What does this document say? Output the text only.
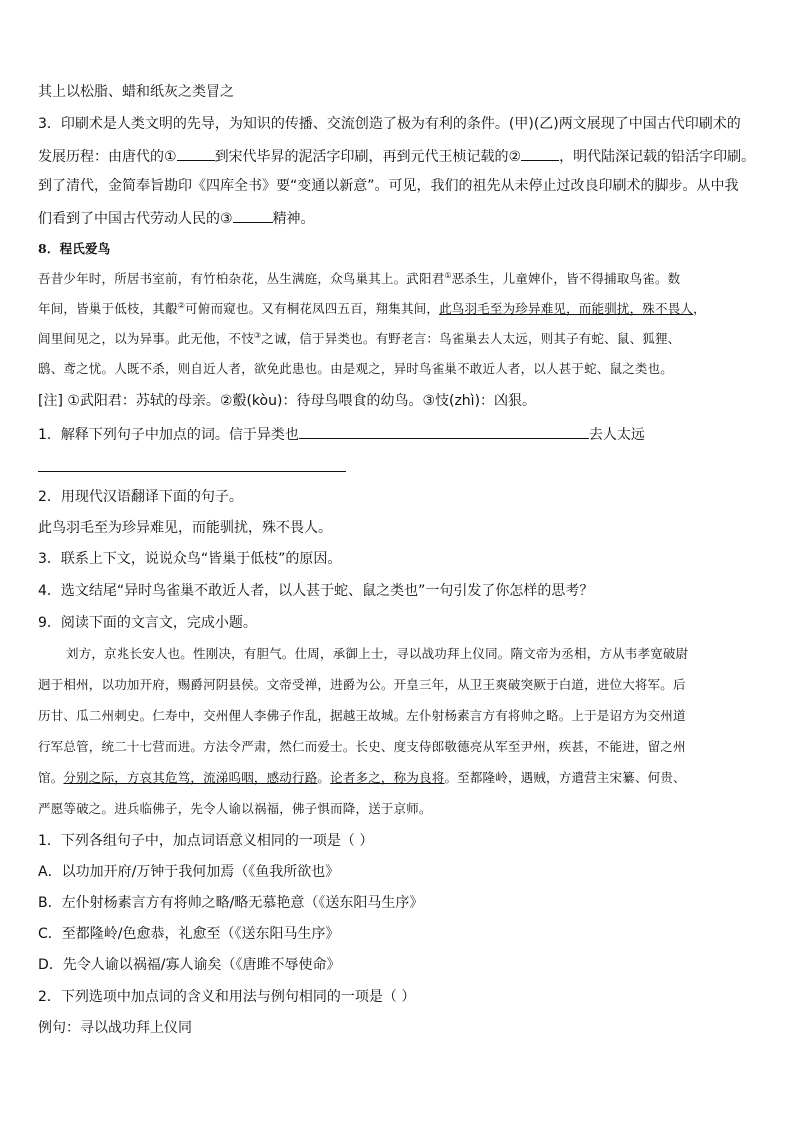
其上以松脂、蜡和纸灰之类冒之
3．印刷术是人类文明的先导，为知识的传播、交流创造了极为有利的条件。(甲)(乙)两文展现了中国古代印刷术的
发展历程：由唐代的①	到宋代毕昇的泥活字印刷，再到元代王桢记载的②	，明代陆深记载的铅活字印刷。
到了清代，金简奉旨勘印《四库全书》要“变通以新意”。可见，我们的祖先从未停止过改良印刷术的脚步。从中我
们看到了中国古代劳动人民的③	精神。
8．程氏爱鸟
吾昔少年时，所居书室前，有竹柏杂花，丛生满庭，众鸟巢其上。武阳君①恶杀生，儿童婢仆，皆不得捕取鸟雀。数
年间，皆巢于低枝，其鷇②可俯而窥也。又有桐花凤四五百，翔集其间，此鸟羽毛至为珍异难见，而能驯扰，殊不畏人，
闾里间见之，以为异事。此无他，不忮③之诚，信于异类也。有野老言：鸟雀巢去人太远，则其子有蛇、鼠、狐狸、
鸱、鸢之忧。人既不杀，则自近人者，欲免此患也。由是观之，异时鸟雀巢不敢近人者，以人甚于蛇、鼠之类也。
[注] ①武阳君：苏轼的母亲。②鷇(kòu)：待母鸟喂食的幼鸟。③忮(zhì)：凶狠。
1．解释下列句子中加点的词。信于异类也	去人太远
2．用现代汉语翻译下面的句子。
此鸟羽毛至为珍异难见，而能驯扰，殊不畏人。
3．联系上下文，说说众鸟“皆巢于低枝”的原因。
4．选文结尾“异时鸟雀巢不敢近人者，以人甚于蛇、鼠之类也”一句引发了你怎样的思考？
9．阅读下面的文言文，完成小题。
刘方，京兆长安人也。性刚决，有胆气。仕周，承御上士，寻以战功拜上仪同。隋文帝为丞相，方从韦孝宽破尉
迥于相州，以功加开府，赐爵河阴县侯。文帝受禅，进爵为公。开皇三年，从卫王爽破突厥于白道，进位大将军。后
历甘、瓜二州刺史。仁寿中，交州俚人李佛子作乱，据越王故城。左仆射杨素言方有将帅之略。上于是诏方为交州道
行军总管，统二十七营而进。方法令严肃，然仁而爱士。长史、度支侍郎敬德亮从军至尹州，疾甚，不能进，留之州
馆。分别之际，方哀其危笃，流涕呜咽，感动行路。论者多之，称为良将。至都隆岭，遇贼，方遣营主宋纂、何贵、
严愿等破之。进兵临佛子，先令人谕以祸福，佛子惧而降，送于京师。
1．下列各组句子中，加点词语意义相同的一项是（ ）
A．以功加开府/万钟于我何加焉（《鱼我所欲也》
B．左仆射杨素言方有将帅之略/略无慕艳意（《送东阳马生序》
C．至都隆岭/色愈恭，礼愈至（《送东阳马生序》
D．先令人谕以祸福/寡人谕矣（《唐雎不辱使命》
2．下列选项中加点词的含义和用法与例句相同的一项是（ ）
例句：寻以战功拜上仪同
